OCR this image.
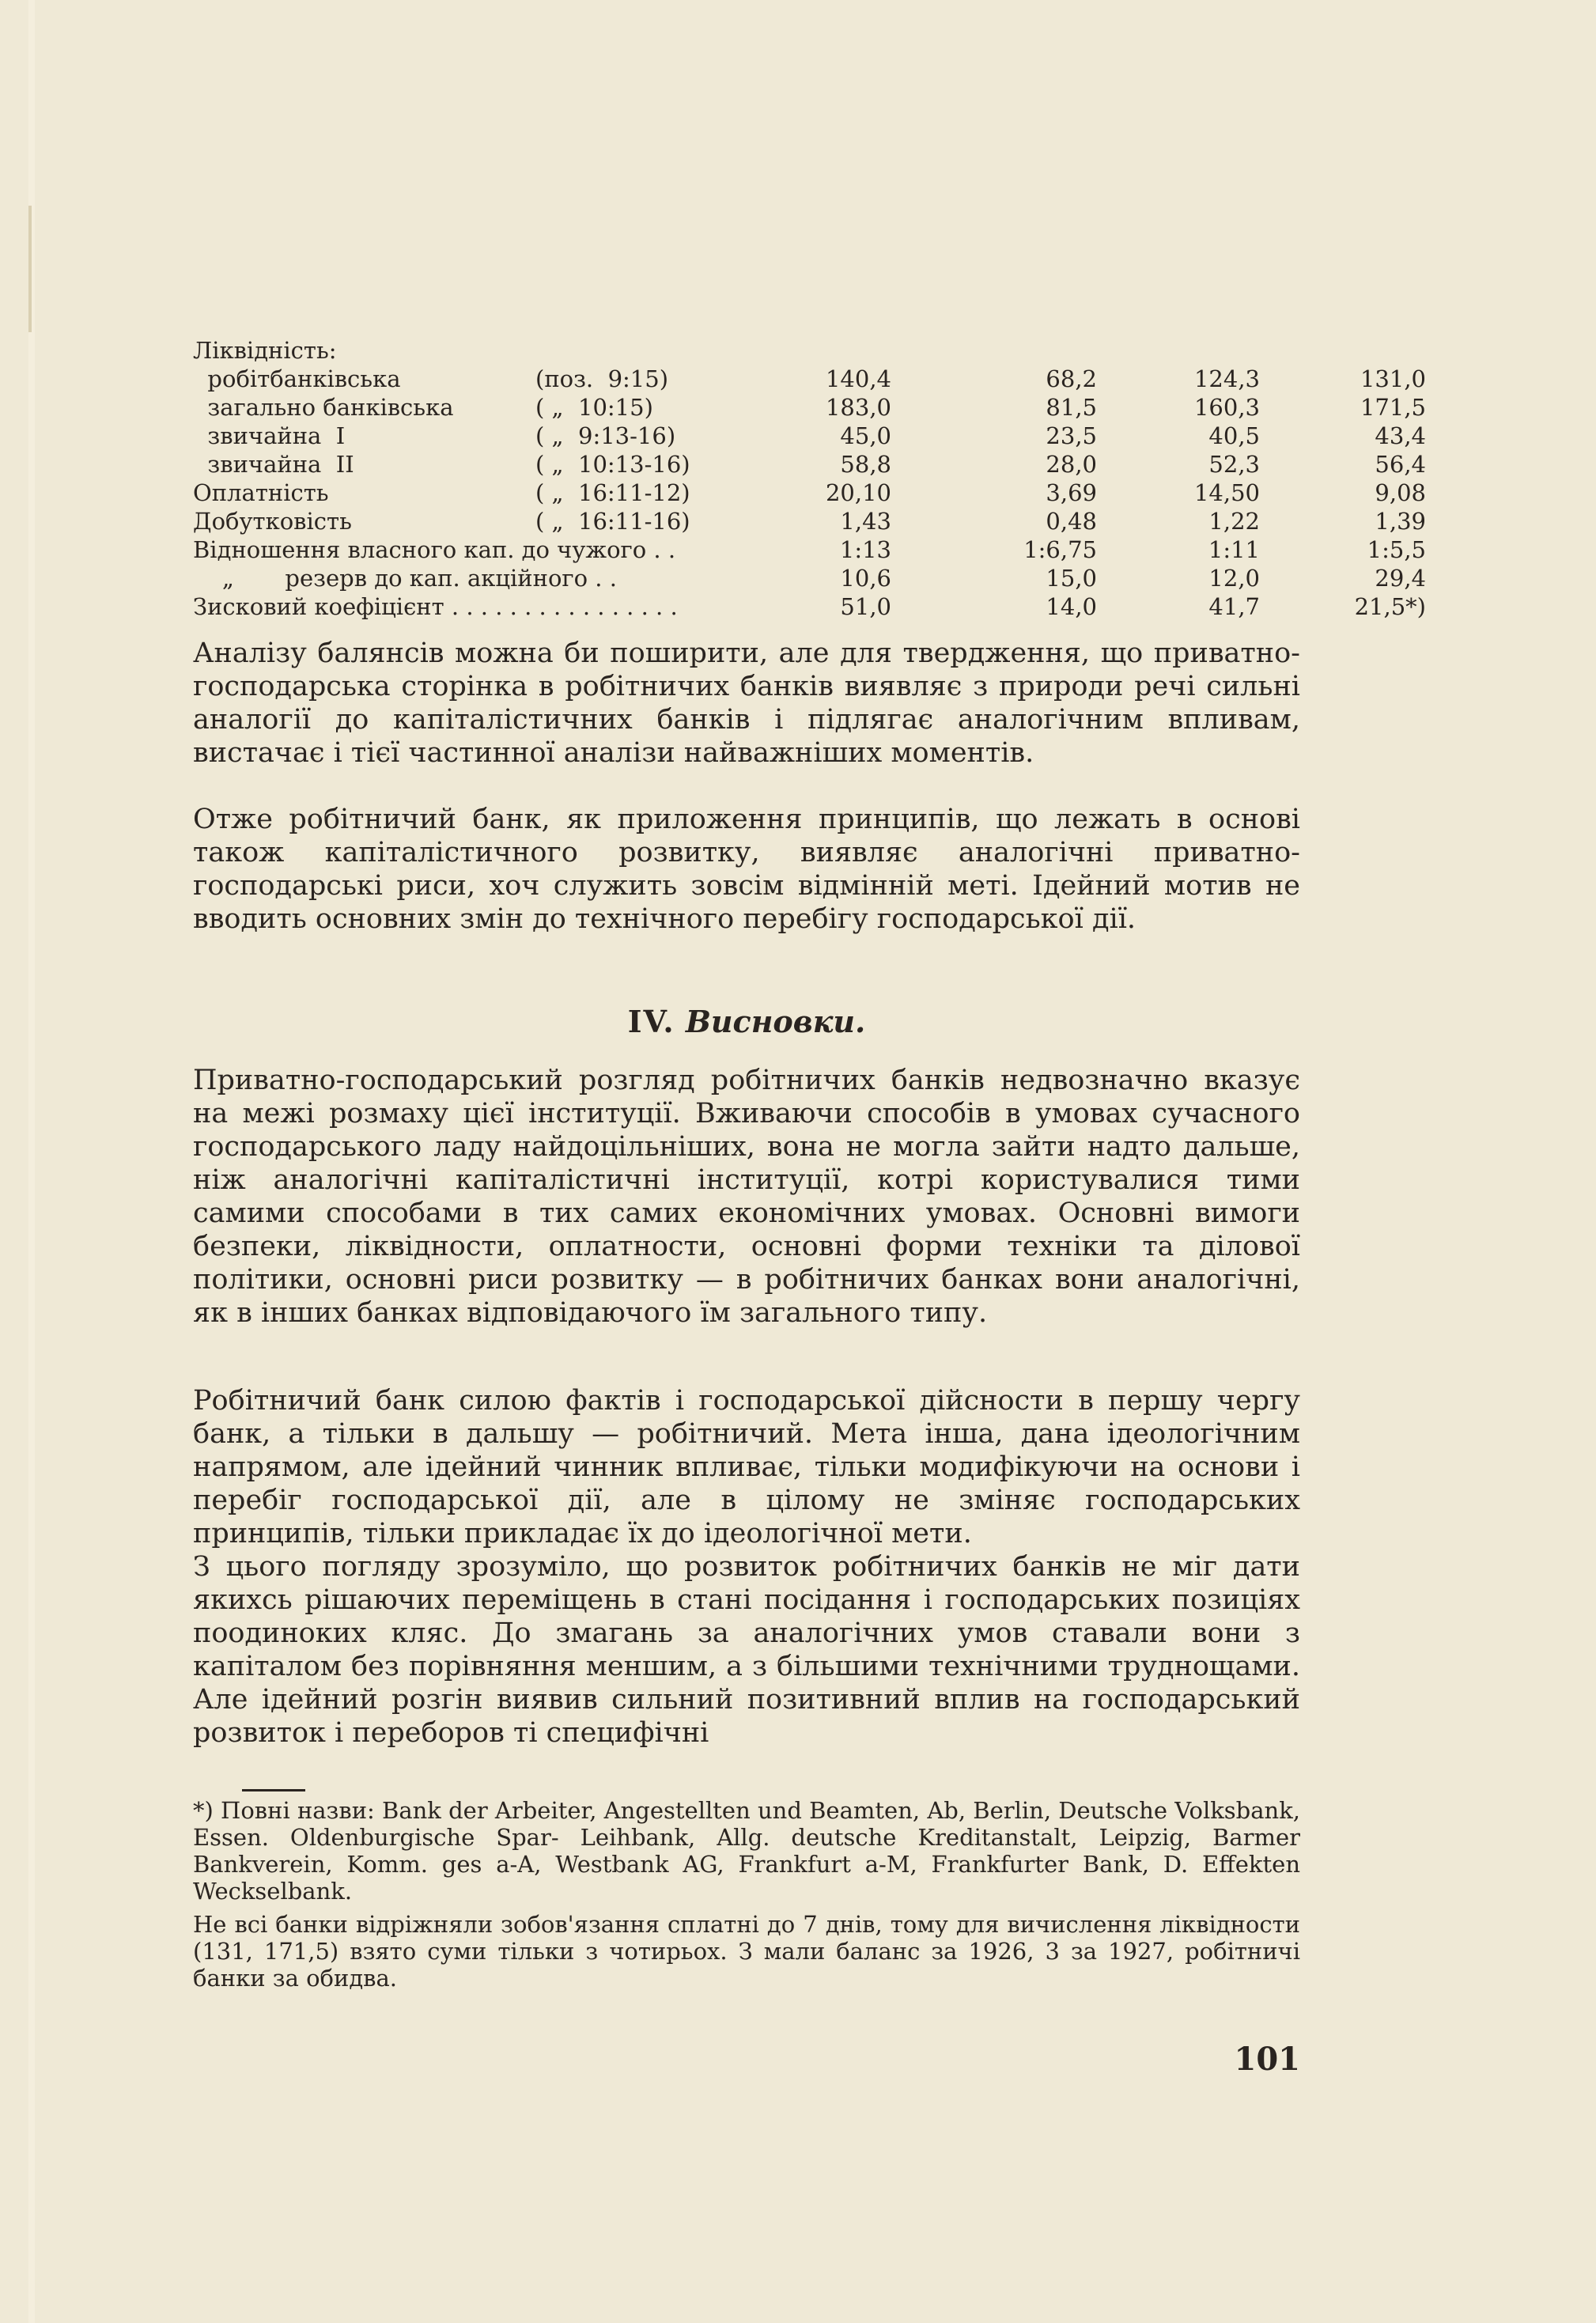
Ліквідність:
робітбанківська	(поз.  9:15)	140,4	68,2	124,3	131,0
загально банківська	( „  10:15)	183,0	81,5	160,3	171,5
звичайна  I	( „  9:13-16)	45,0	23,5	40,5	43,4
звичайна  II	( „  10:13-16)	58,8	28,0	52,3	56,4
Оплатність	( „  16:11-12)	20,10	3,69	14,50	9,08
Добутковість	( „  16:11-16)	1,43	0,48	1,22	1,39
Відношення власного кап. до чужого . .	1:13	1:6,75	1:11	1:5,5
„       резерв до кап. акційного . .	10,6	15,0	12,0	29,4
Зисковий коефіцієнт . . . . . . . . . . . . . . . .	51,0	14,0	41,7	21,5*)

Аналізу балянсів можна би поширити, але для твердження, що приватно-господарська сторінка в робітничих банків виявляє з природи речі сильні аналогії до капіталістичних банків і підлягає аналогічним впливам, вистачає і тієї частинної аналізи найважніших моментів.

Отже робітничий банк, як приложення принципів, що лежать в основі також капіталістичного розвитку, виявляє аналогічні приватно-господарські риси, хоч служить зовсім відмінній меті. Ідейний мотив не вводить основних змін до технічного перебігу господарської дії.

IV. Висновки.

Приватно-господарський розгляд робітничих банків недвозначно вказує на межі розмаху цієї інституції. Вживаючи способів в умовах сучасного господарського ладу найдоцільніших, вона не могла зайти надто дальше, ніж аналогічні капіталістичні інституції, котрі користувалися тими самими способами в тих самих економічних умовах. Основні вимоги безпеки, ліквідности, оплатности, основні форми техніки та ділової політики, основні риси розвитку — в робітничих банках вони аналогічні, як в інших банках відповідаючого їм загального типу.

Робітничий банк силою фактів і господарської дійсности в першу чергу банк, а тільки в дальшу — робітничий. Мета інша, дана ідеологічним напрямом, але ідейний чинник впливає, тільки модифікуючи на основи і перебіг господарської дії, але в цілому не зміняє господарських принципів, тільки прикладає їх до ідеологічної мети.

З цього погляду зрозуміло, що розвиток робітничих банків не міг дати якихсь рішаючих переміщень в стані посідання і господарських позиціях поодиноких кляс. До змагань за аналогічних умов ставали вони з капіталом без порівняння меншим, а з більшими технічними труднощами. Але ідейний розгін виявив сильний позитивний вплив на господарський розвиток і переборов ті специфічні

*) Повні назви: Bank der Arbeiter, Angestellten und Beamten, Ab, Berlin, Deutsche Volksbank, Essen. Oldenburgische Spar- Leihbank, Allg. deutsche Kreditanstalt, Leipzig, Barmer Bankverein, Komm. ges a-A, Westbank AG, Frankfurt a-M, Frankfurter Bank, D. Effekten Weckselbank.

Не всі банки відріжняли зобов'язання сплатні до 7 днів, тому для вичислення ліквідности (131, 171,5) взято суми тільки з чотирьох. З мали баланс за 1926, 3 за 1927, робітничі банки за обидва.

101
